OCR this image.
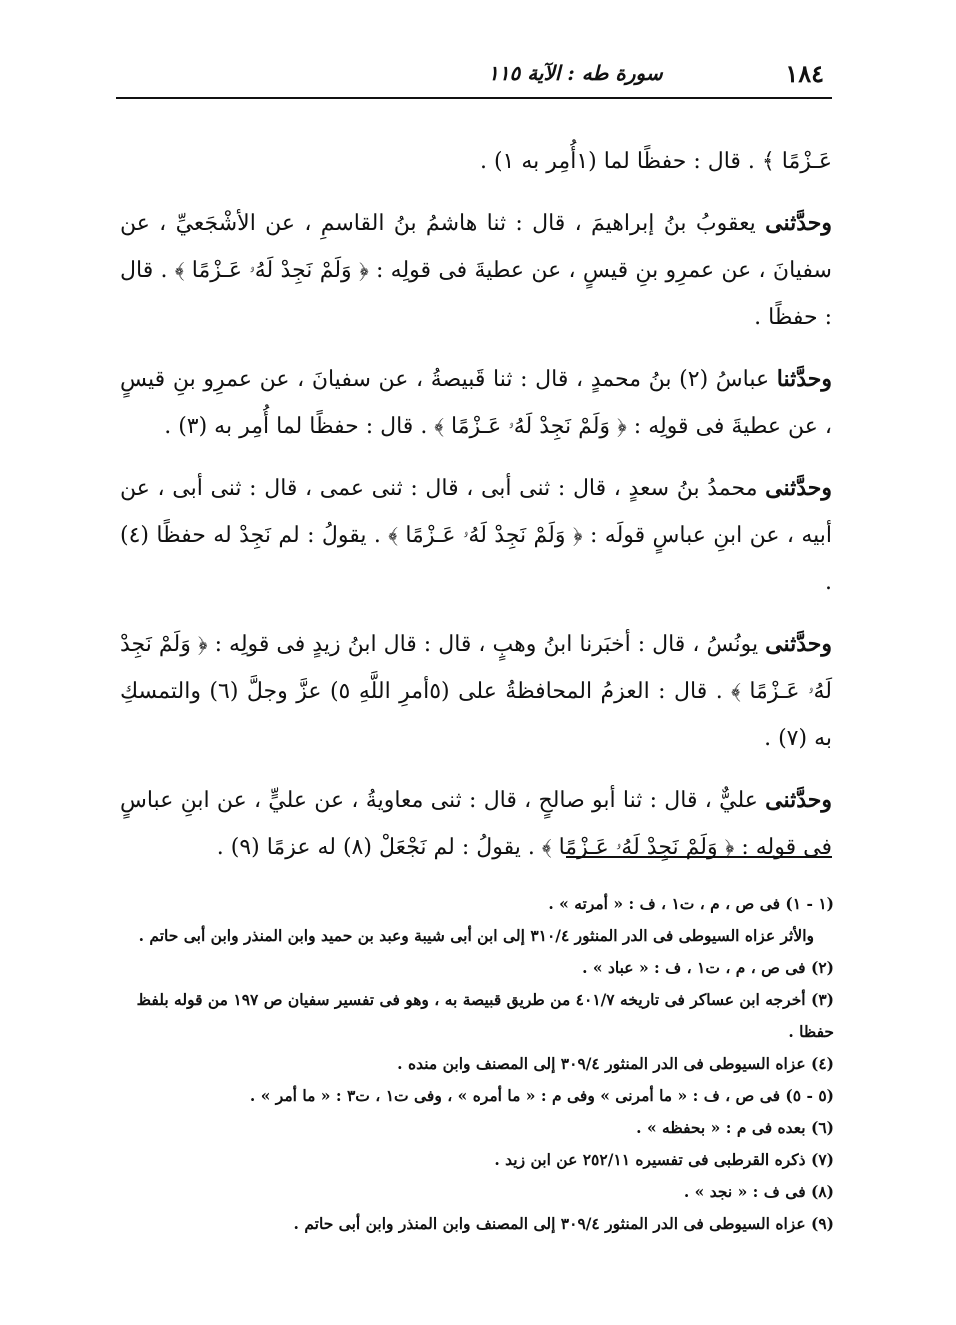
١٨٤
سورة طه : الآية ١١٥

عَـزْمًا ﴾ . قال : حفظًا لما (١أُمِر به ١) .

وحدَّثنى يعقوبُ بنُ إبراهيمَ ، قال : ثنا هاشمُ بنُ القاسمِ ، عن الأشْجَعيِّ ، عن سفيانَ ، عن عمرِو بنِ قيسٍ ، عن عطيةَ فى قولِه : ﴿ وَلَمْ نَجِدْ لَهُۥ عَـزْمًا ﴾ . قال : حفظًا .

وحدَّثنا عباسُ (٢) بنُ محمدٍ ، قال : ثنا قَبيصةُ ، عن سفيانَ ، عن عمرِو بنِ قيسٍ ، عن عطيةَ فى قولِه : ﴿ وَلَمْ نَجِدْ لَهُۥ عَـزْمًا ﴾ . قال : حفظًا لما أُمِر به (٣) .

وحدَّثنى محمدُ بنُ سعدٍ ، قال : ثنى أبى ، قال : ثنى عمى ، قال : ثنى أبى ، عن أبيه ، عن ابنِ عباسٍ قولَه : ﴿ وَلَمْ نَجِدْ لَهُۥ عَـزْمًا ﴾ . يقولُ : لم نَجِدْ له حفظًا (٤) .

وحدَّثنى يونُسُ ، قال : أخبَرنا ابنُ وهبٍ ، قال : قال ابنُ زيدٍ فى قولِه : ﴿ وَلَمْ نَجِدْ لَهُۥ عَـزْمًا ﴾ . قال : العزمُ المحافظةُ على (٥أمرِ اللَّهِ ٥) عزَّ وجلَّ (٦) والتمسكِ به (٧) .

وحدَّثنى عليٌّ ، قال : ثنا أبو صالحٍ ، قال : ثنى معاويةُ ، عن عليٍّ ، عن ابنِ عباسٍ فى قولِه : ﴿ وَلَمْ نَجِدْ لَهُۥ عَـزْمًا ﴾ . يقولُ : لم نَجْعَلْ (٨) له عزمًا (٩) .

(١ - ١) فى ص ، م ، ت١ ، ف : « أمرته » .

والأثر عزاه السيوطى فى الدر المنثور ٣١٠/٤ إلى ابن أبى شيبة وعبد بن حميد وابن المنذر وابن أبى حاتم .

(٢) فى ص ، م ، ت١ ، ف : « عباد » .

(٣) أخرجه ابن عساكر فى تاريخه ٤٠١/٧ من طريق قبيصة به ، وهو فى تفسير سفيان ص ١٩٧ من قوله بلفظ حفظا .

(٤) عزاه السيوطى فى الدر المنثور ٣٠٩/٤ إلى المصنف وابن منده .

(٥ - ٥) فى ص ، ف : « ما أمرنى » وفى م : « ما أمره » ، وفى ت١ ، ت٣ : « ما أمر » .

(٦) بعده فى م : « بحفظه » .

(٧) ذكره القرطبى فى تفسيره ٢٥٢/١١ عن ابن زيد .

(٨) فى ف : « نجد » .

(٩) عزاه السيوطى فى الدر المنثور ٣٠٩/٤ إلى المصنف وابن المنذر وابن أبى حاتم .
